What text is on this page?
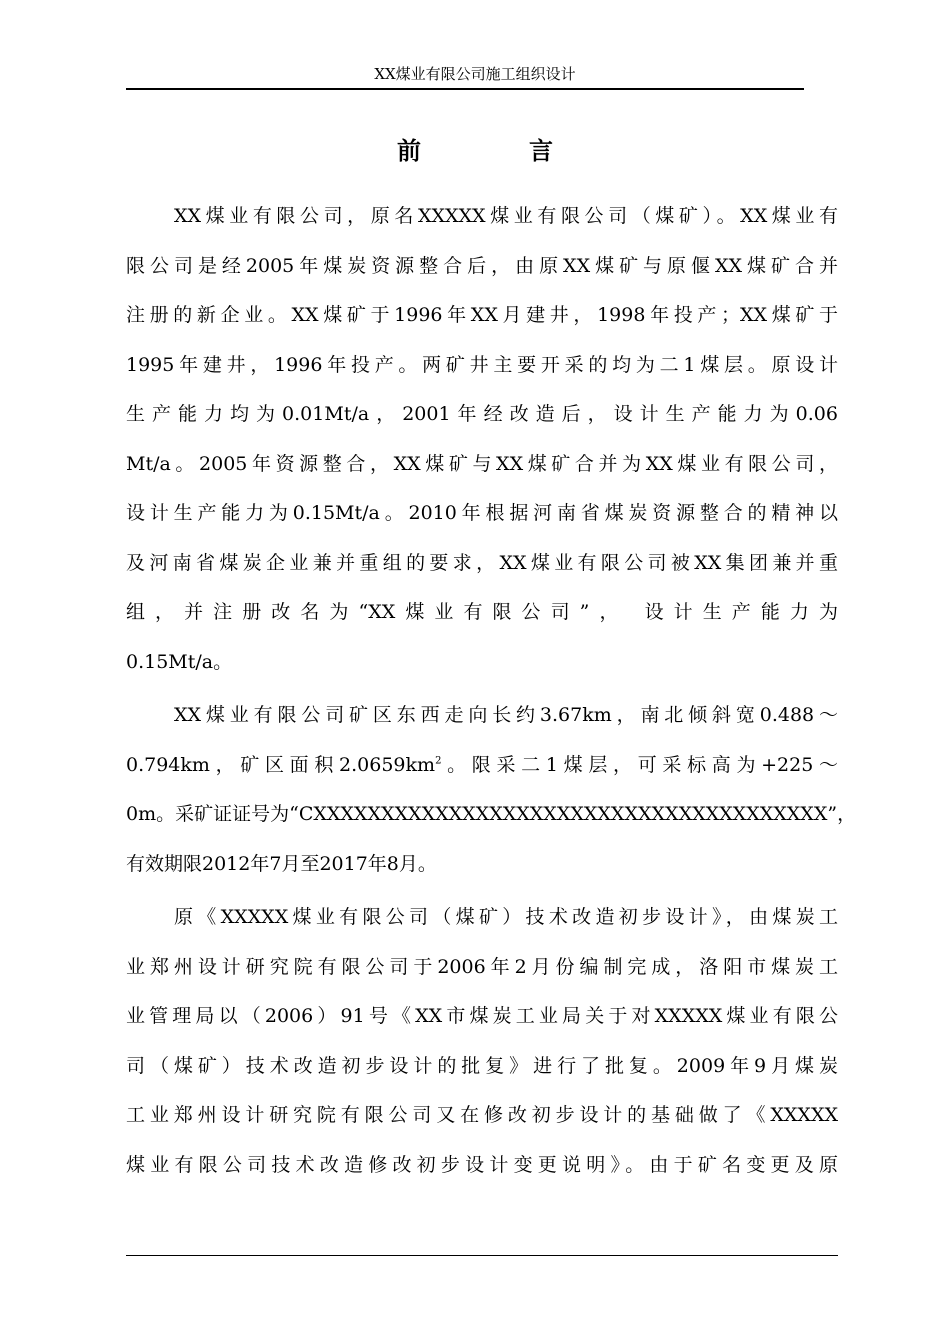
XX煤业有限公司施工组织设计
前	言
XX煤业有限公司，原名XXXXX煤业有限公司（煤矿）。XX煤业有
限公司是经2005年煤炭资源整合后，由原XX煤矿与原偃XX煤矿合并
注册的新企业。XX煤矿于1996年XX月建井，1998年投产；XX煤矿于
1995年建井，1996年投产。两矿井主要开采的均为二1煤层。原设计
生产能力均为0.01Mt/a，2001年经改造后，设计生产能力为0.06
Mt/a。2005年资源整合，XX煤矿与XX煤矿合并为XX煤业有限公司，
设计生产能力为0.15Mt/a。2010年根据河南省煤炭资源整合的精神以
及河南省煤炭企业兼并重组的要求，XX煤业有限公司被XX集团兼并重
组，并注册改名为“XX煤业有限公司”， 设计生产能力为
0.15Mt/a。
XX煤业有限公司矿区东西走向长约3.67km，南北倾斜宽0.488～
0.794km，矿区面积$2.0659km^2$。限采二1煤层，可采标高为+225～
0m。采矿证证号为“CXXXXXXXXXXXXXXXXXXXXXXXXXXXXXXXXXXXXXX”，
有效期限2012年7月至2017年8月。
原《XXXXX煤业有限公司（煤矿）技术改造初步设计》，由煤炭工
业郑州设计研究院有限公司于2006年2月份编制完成，洛阳市煤炭工
业管理局以（2006）91号《XX市煤炭工业局关于对XXXXX煤业有限公
司（煤矿）技术改造初步设计的批复》进行了批复。2009年9月煤炭
工业郑州设计研究院有限公司又在修改初步设计的基础做了《XXXXX
煤业有限公司技术改造修改初步设计变更说明》。由于矿名变更及原
